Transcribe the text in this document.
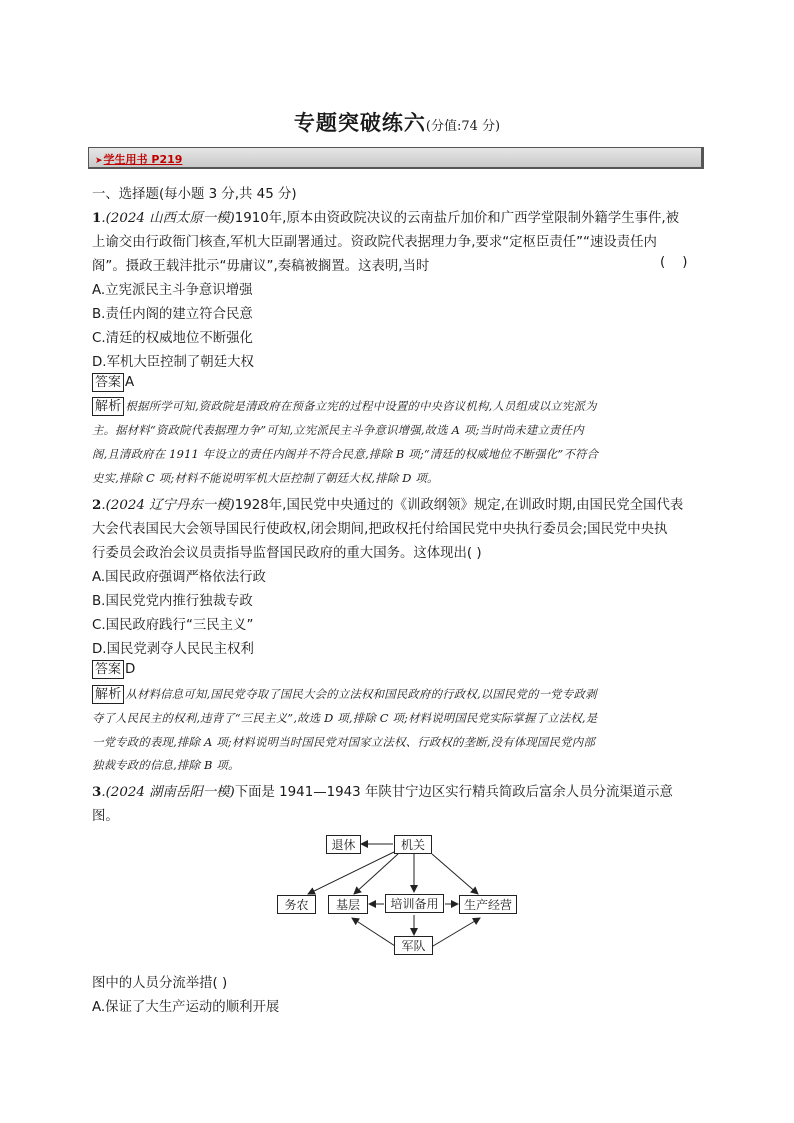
专题突破练六(分值:74 分)
➤ 学生用书 P219
一、选择题(每小题 3 分,共 45 分)
1.(2024 山西太原一模)1910年,原本由资政院决议的云南盐斤加价和广西学堂限制外籍学生事件,被
上谕交由行政衙门核查,军机大臣副署通过。资政院代表据理力争,要求“定枢臣责任”“速设责任内
阁”。摄政王载沣批示“毋庸议”,奏稿被搁置。这表明,当时	(    )
A.立宪派民主斗争意识增强
B.责任内阁的建立符合民意
C.清廷的权威地位不断强化
D.军机大臣控制了朝廷大权
答案 A
解析 根据所学可知,资政院是清政府在预备立宪的过程中设置的中央咨议机构,人员组成以立宪派为
主。据材料“资政院代表据理力争”可知,立宪派民主斗争意识增强,故选 A 项;当时尚未建立责任内
阁,且清政府在 1911 年设立的责任内阁并不符合民意,排除 B 项;“清廷的权威地位不断强化”不符合
史实,排除 C 项;材料不能说明军机大臣控制了朝廷大权,排除 D 项。
2.(2024 辽宁丹东一模)1928年,国民党中央通过的《训政纲领》规定,在训政时期,由国民党全国代表
大会代表国民大会领导国民行使政权,闭会期间,把政权托付给国民党中央执行委员会;国民党中央执
行委员会政治会议员责指导监督国民政府的重大国务。这体现出( )
A.国民政府强调严格依法行政
B.国民党党内推行独裁专政
C.国民政府践行“三民主义”
D.国民党剥夺人民民主权利
答案 D
解析 从材料信息可知,国民党夺取了国民大会的立法权和国民政府的行政权,以国民党的一党专政剥
夺了人民民主的权利,违背了“三民主义”,故选 D 项,排除 C 项;材料说明国民党实际掌握了立法权,是
一党专政的表现,排除 A 项;材料说明当时国民党对国家立法权、行政权的垄断,没有体现国民党内部
独裁专政的信息,排除 B 项。
3.(2024 湖南岳阳一模)下面是 1941—1943 年陕甘宁边区实行精兵简政后富余人员分流渠道示意
图。
退休	机关
务农	基层	培训备用	生产经营
军队
图中的人员分流举措( )
A.保证了大生产运动的顺利开展
